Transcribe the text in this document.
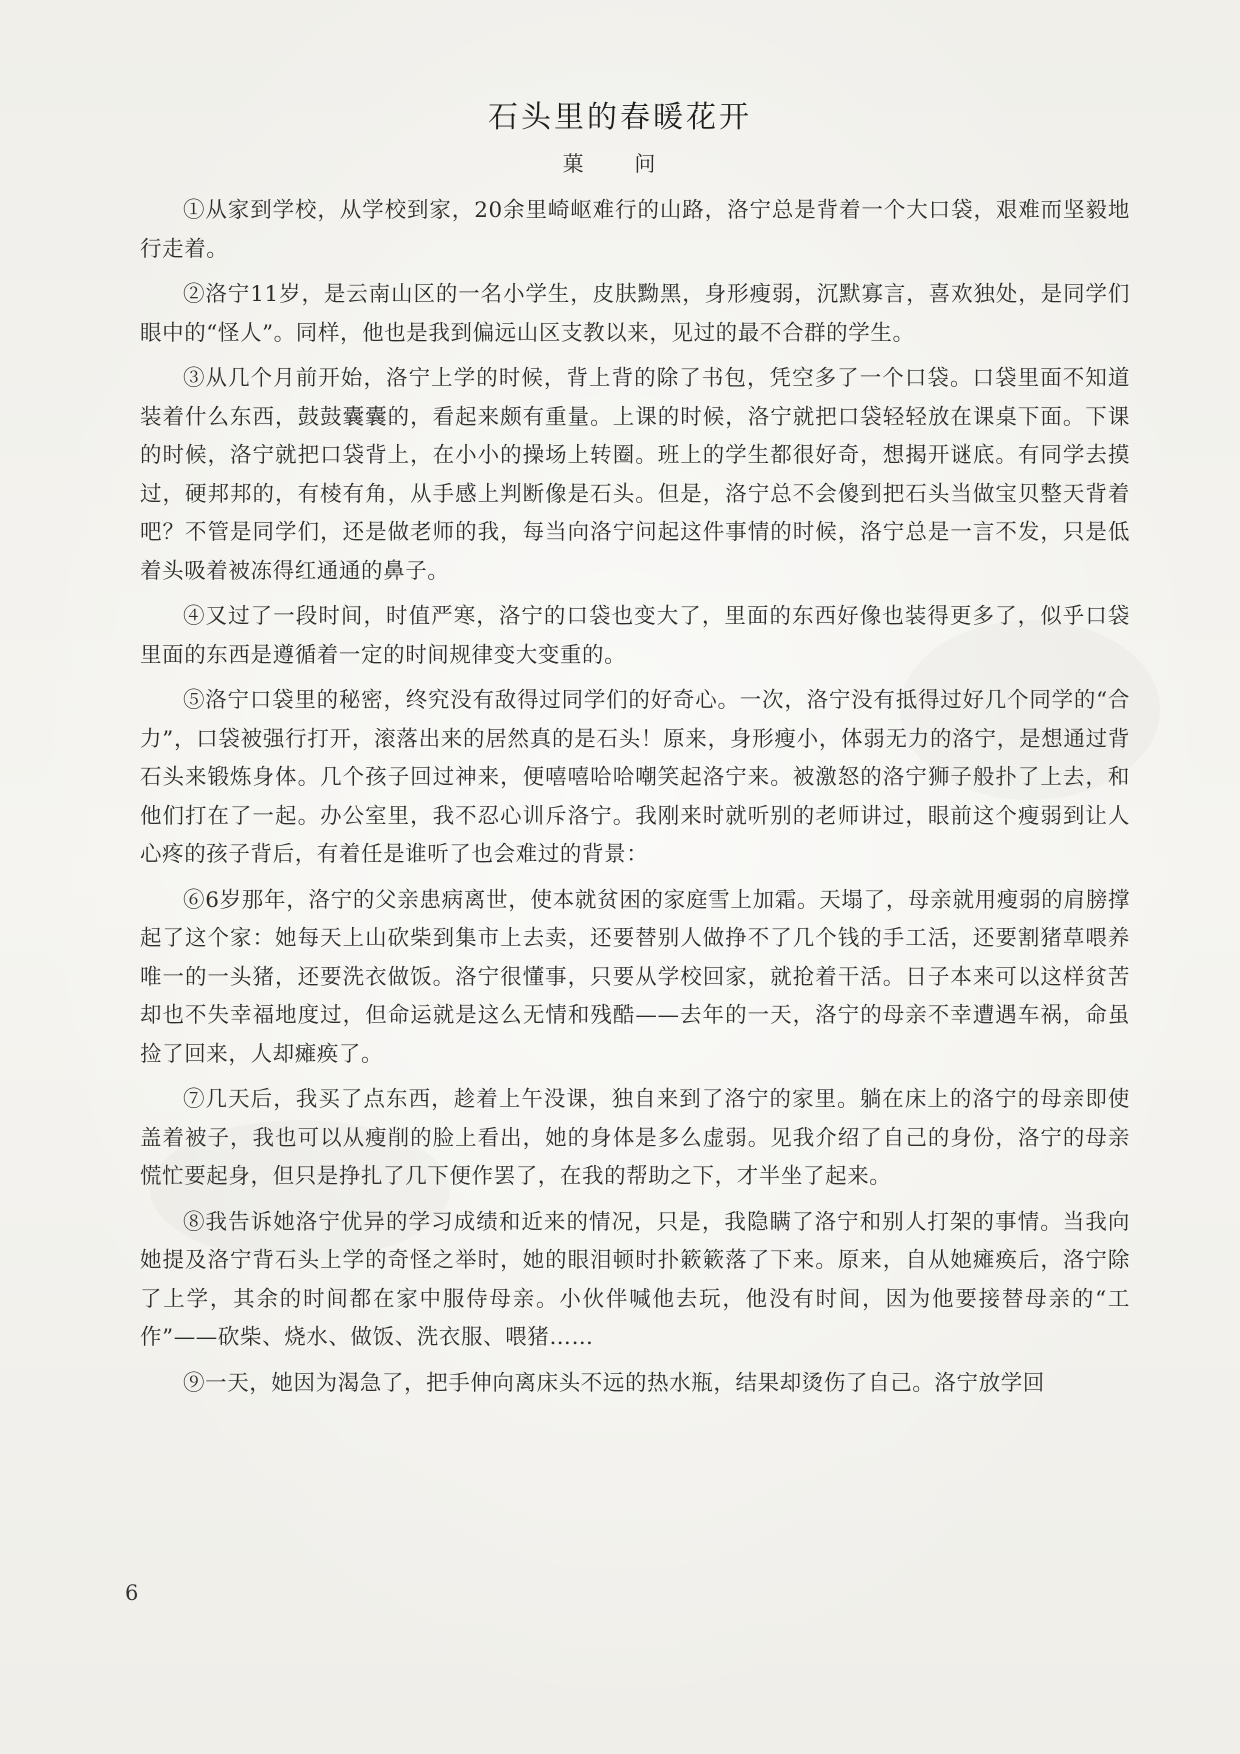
石头里的春暖花开
菓 问

①从家到学校，从学校到家，20余里崎岖难行的山路，洛宁总是背着一个大口袋，艰难而坚毅地行走着。

②洛宁11岁，是云南山区的一名小学生，皮肤黝黑，身形瘦弱，沉默寡言，喜欢独处，是同学们眼中的“怪人”。同样，他也是我到偏远山区支教以来，见过的最不合群的学生。

③从几个月前开始，洛宁上学的时候，背上背的除了书包，凭空多了一个口袋。口袋里面不知道装着什么东西，鼓鼓囊囊的，看起来颇有重量。上课的时候，洛宁就把口袋轻轻放在课桌下面。下课的时候，洛宁就把口袋背上，在小小的操场上转圈。班上的学生都很好奇，想揭开谜底。有同学去摸过，硬邦邦的，有棱有角，从手感上判断像是石头。但是，洛宁总不会傻到把石头当做宝贝整天背着吧？不管是同学们，还是做老师的我，每当向洛宁问起这件事情的时候，洛宁总是一言不发，只是低着头吸着被冻得红通通的鼻子。

④又过了一段时间，时值严寒，洛宁的口袋也变大了，里面的东西好像也装得更多了，似乎口袋里面的东西是遵循着一定的时间规律变大变重的。

⑤洛宁口袋里的秘密，终究没有敌得过同学们的好奇心。一次，洛宁没有抵得过好几个同学的“合力”，口袋被强行打开，滚落出来的居然真的是石头！原来，身形瘦小，体弱无力的洛宁，是想通过背石头来锻炼身体。几个孩子回过神来，便嘻嘻哈哈嘲笑起洛宁来。被激怒的洛宁狮子般扑了上去，和他们打在了一起。办公室里，我不忍心训斥洛宁。我刚来时就听别的老师讲过，眼前这个瘦弱到让人心疼的孩子背后，有着任是谁听了也会难过的背景：

⑥6岁那年，洛宁的父亲患病离世，使本就贫困的家庭雪上加霜。天塌了，母亲就用瘦弱的肩膀撑起了这个家：她每天上山砍柴到集市上去卖，还要替别人做挣不了几个钱的手工活，还要割猪草喂养唯一的一头猪，还要洗衣做饭。洛宁很懂事，只要从学校回家，就抢着干活。日子本来可以这样贫苦却也不失幸福地度过，但命运就是这么无情和残酷——去年的一天，洛宁的母亲不幸遭遇车祸，命虽捡了回来，人却瘫痪了。

⑦几天后，我买了点东西，趁着上午没课，独自来到了洛宁的家里。躺在床上的洛宁的母亲即使盖着被子，我也可以从瘦削的脸上看出，她的身体是多么虚弱。见我介绍了自己的身份，洛宁的母亲慌忙要起身，但只是挣扎了几下便作罢了，在我的帮助之下，才半坐了起来。

⑧我告诉她洛宁优异的学习成绩和近来的情况，只是，我隐瞒了洛宁和别人打架的事情。当我向她提及洛宁背石头上学的奇怪之举时，她的眼泪顿时扑簌簌落了下来。原来，自从她瘫痪后，洛宁除了上学，其余的时间都在家中服侍母亲。小伙伴喊他去玩，他没有时间，因为他要接替母亲的“工作”——砍柴、烧水、做饭、洗衣服、喂猪……

⑨一天，她因为渴急了，把手伸向离床头不远的热水瓶，结果却烫伤了自己。洛宁放学回

6
